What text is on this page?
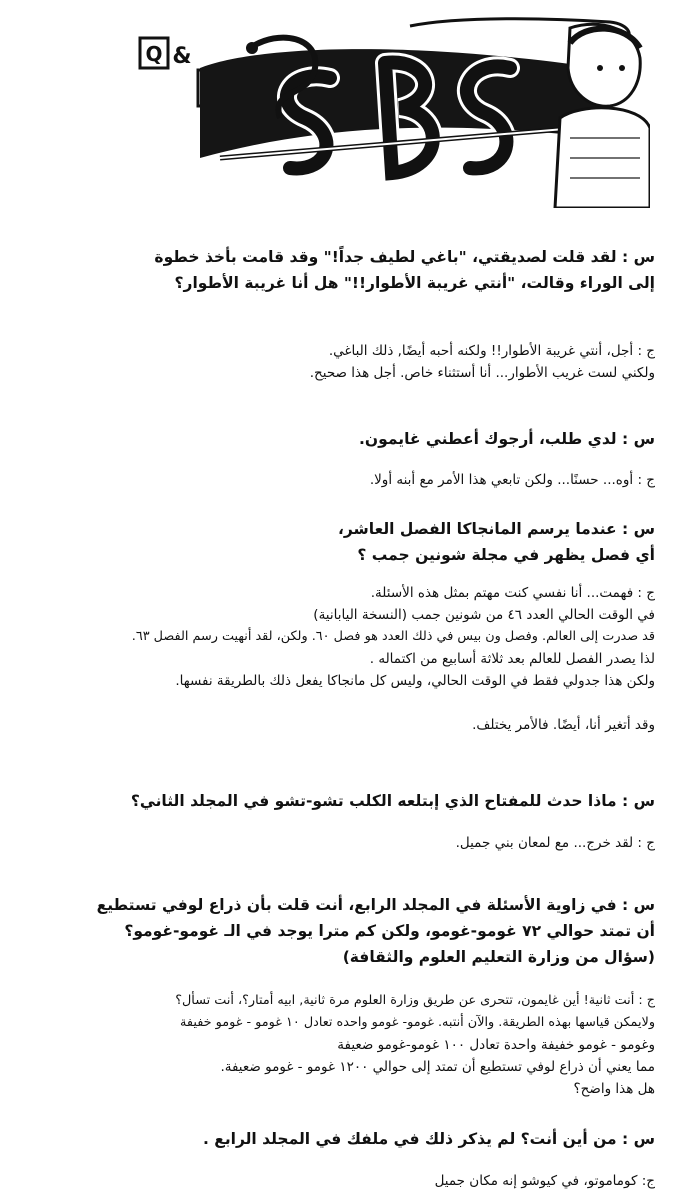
Q &
س : لقد قلت لصديقتي، "باغي لطيف جداً!" وقد قامت بأخذ خطوة
إلى الوراء وقالت، "أنتي غريبة الأطوار!!" هل أنا غريبة الأطوار؟
ج : أجل، أنتي غريبة الأطوار!! ولكنه أحبه أيضًا, ذلك الباغي.
ولكني لست غريب الأطوار... أنا أستثناء خاص. أجل هذا صحيح.
س : لدي طلب، أرجوك أعطني غايمون.
ج : أوه... حسنًا... ولكن تابعي هذا الأمر مع أبنه أولا.
س : عندما يرسم المانجاكا الفصل العاشر،
أي فصل يظهر في مجلة شونين جمب ؟
ج : فهمت... أنا نفسي كنت مهتم بمثل هذه الأسئلة.
في الوقت الحالي العدد ٤٦ من شونين جمب (النسخة اليابانية)
قد صدرت إلى العالم. وفصل ون بيس في ذلك العدد هو فصل ٦٠. ولكن، لقد أنهيت رسم الفصل ٦٣.
لذا يصدر الفصل للعالم بعد ثلاثة أسابيع من اكتماله .
ولكن هذا جدولي فقط في الوقت الحالي، وليس كل مانجاكا يفعل ذلك بالطريقة نفسها.

وقد أتغير أنا، أيضًا. فالأمر يختلف.
س : ماذا حدث للمفتاح الذي إبتلعه الكلب تشو-تشو في المجلد الثاني؟
ج : لقد خرج... مع لمعان بني جميل.
س : في زاوية الأسئلة في المجلد الرابع، أنت قلت بأن ذراع لوفي تستطيع
أن تمتد حوالي ٧٢ غومو-غومو، ولكن كم مترا يوجد في الـ غومو-غومو؟
(سؤال من وزارة التعليم العلوم والثقافة)
ج : أنت ثانية! أين غايمون، تتحرى عن طريق وزارة العلوم مرة ثانية, ابيه أمتار؟، أنت تسأل؟
ولايمكن قياسها بهذه الطريقة. والآن أنتبه. غومو- غومو واحده تعادل ١٠ غومو - غومو خفيفة
وغومو - غومو خفيفة واحدة تعادل ١٠٠ غومو-غومو ضعيفة
مما يعني أن ذراع لوفي تستطيع أن تمتد إلى حوالي ١٢٠٠ غومو - غومو ضعيفة.
هل هذا واضح؟
س : من أين أنت؟ لم يذكر ذلك في ملفك في المجلد الرابع .
ج: كوماموتو، في كيوشو إنه مكان جميل
